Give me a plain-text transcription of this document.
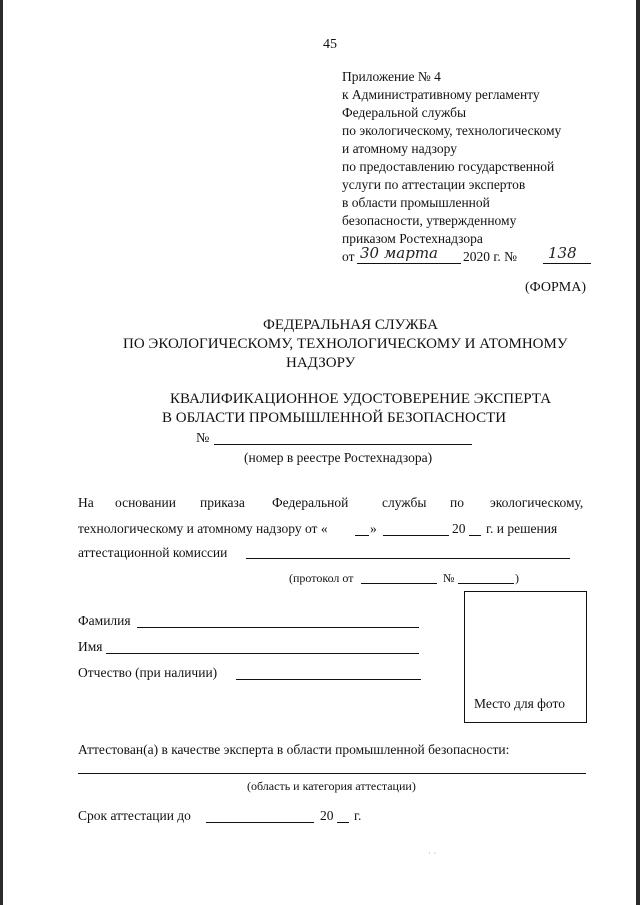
45
Приложение № 4
к Административному регламенту
Федеральной службы
по экологическому, технологическому
и атомному надзору
по предоставлению государственной
услуги по аттестации экспертов
в области промышленной
безопасности, утвержденному
приказом Ростехнадзора
от 30 марта 2020 г. № 138
(ФОРМА)
ФЕДЕРАЛЬНАЯ СЛУЖБА
ПО ЭКОЛОГИЧЕСКОМУ, ТЕХНОЛОГИЧЕСКОМУ И АТОМНОМУ
НАДЗОРУ
КВАЛИФИКАЦИОННОЕ УДОСТОВЕРЕНИЕ ЭКСПЕРТА
В ОБЛАСТИ ПРОМЫШЛЕННОЙ БЕЗОПАСНОСТИ
№
(номер в реестре Ростехнадзора)
На основании приказа Федеральной службы по экологическому,
технологическому и атомному надзору от «	»	20 г. и решения
аттестационной комиссии
(протокол от	№	)
Фамилия
Имя
Отчество (при наличии)
Место для фото
Аттестован(а) в качестве эксперта в области промышленной безопасности:
(область и категория аттестации)
Срок аттестации до	20 г.
· ·
